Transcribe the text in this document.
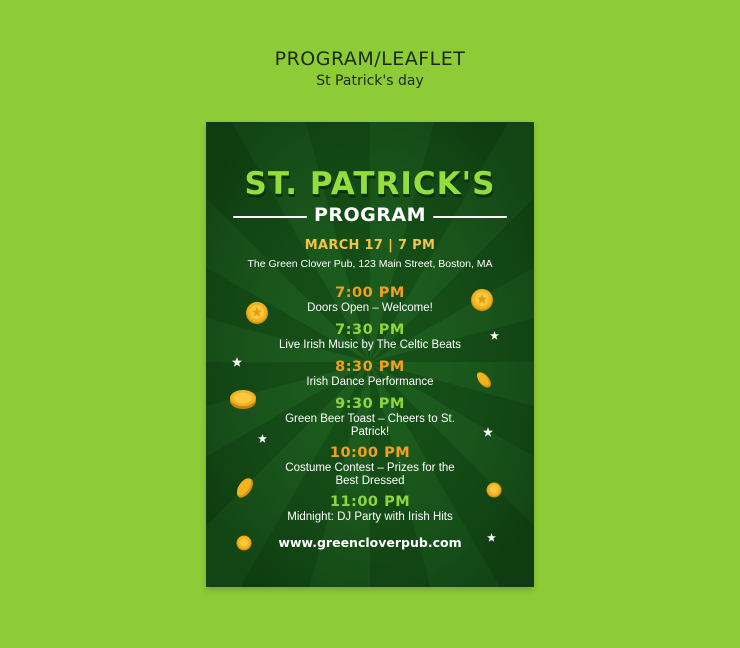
PROGRAM/LEAFLET
St Patrick's day
ST. PATRICK'S
PROGRAM
MARCH 17 | 7 PM
The Green Clover Pub, 123 Main Street, Boston, MA
7:00 PM
Doors Open – Welcome!
7:30 PM
Live Irish Music by The Celtic Beats
8:30 PM
Irish Dance Performance
9:30 PM
Green Beer Toast – Cheers to St. Patrick!
10:00 PM
Costume Contest – Prizes for the Best Dressed
11:00 PM
Midnight: DJ Party with Irish Hits
www.greencloverpub.com
